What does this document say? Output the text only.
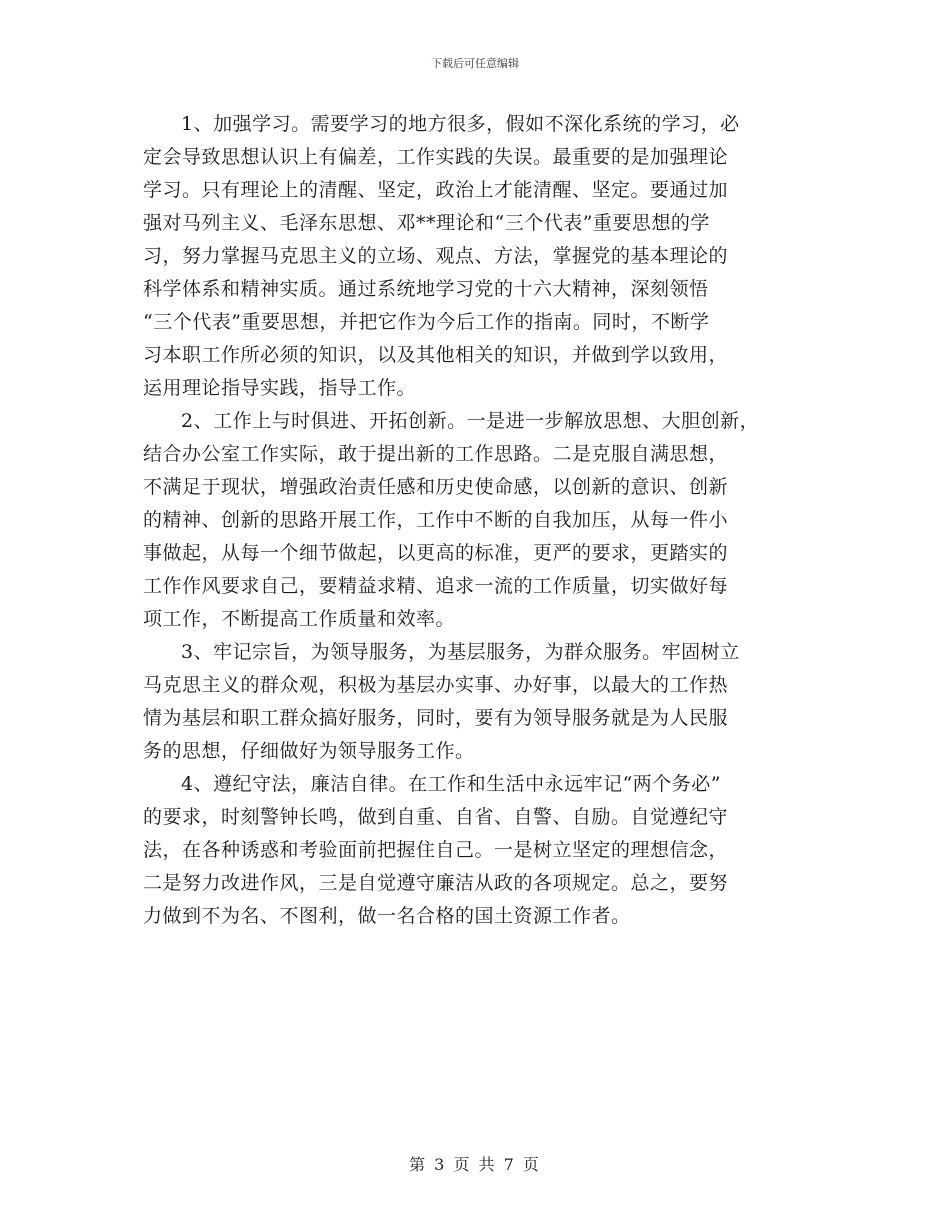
下载后可任意编辑
1、加强学习。需要学习的地方很多，假如不深化系统的学习，必
定会导致思想认识上有偏差，工作实践的失误。最重要的是加强理论
学习。只有理论上的清醒、坚定，政治上才能清醒、坚定。要通过加
强对马列主义、毛泽东思想、邓**理论和“三个代表”重要思想的学
习，努力掌握马克思主义的立场、观点、方法，掌握党的基本理论的
科学体系和精神实质。通过系统地学习党的十六大精神，深刻领悟
“三个代表”重要思想，并把它作为今后工作的指南。同时，不断学
习本职工作所必须的知识，以及其他相关的知识，并做到学以致用，
运用理论指导实践，指导工作。
2、工作上与时俱进、开拓创新。一是进一步解放思想、大胆创新，
结合办公室工作实际，敢于提出新的工作思路。二是克服自满思想，
不满足于现状，增强政治责任感和历史使命感，以创新的意识、创新
的精神、创新的思路开展工作，工作中不断的自我加压，从每一件小
事做起，从每一个细节做起，以更高的标准，更严的要求，更踏实的
工作作风要求自己，要精益求精、追求一流的工作质量，切实做好每
项工作，不断提高工作质量和效率。
3、牢记宗旨，为领导服务，为基层服务，为群众服务。牢固树立
马克思主义的群众观，积极为基层办实事、办好事，以最大的工作热
情为基层和职工群众搞好服务，同时，要有为领导服务就是为人民服
务的思想，仔细做好为领导服务工作。
4、遵纪守法，廉洁自律。在工作和生活中永远牢记“两个务必”
的要求，时刻警钟长鸣，做到自重、自省、自警、自励。自觉遵纪守
法，在各种诱惑和考验面前把握住自己。一是树立坚定的理想信念，
二是努力改进作风，三是自觉遵守廉洁从政的各项规定。总之，要努
力做到不为名、不图利，做一名合格的国土资源工作者。
第 3 页 共 7 页
